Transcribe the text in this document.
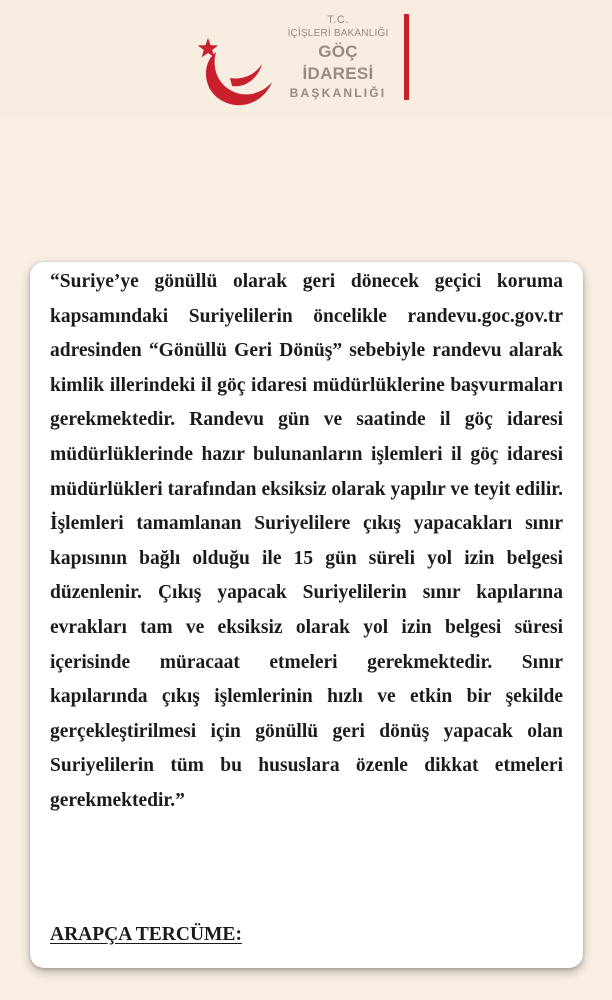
T.C.
İÇİŞLERİ BAKANLIĞI
GÖÇ İDARESİ
BAŞKANLIĞI

“Suriye’ye gönüllü olarak geri dönecek geçici koruma kapsamındaki Suriyelilerin öncelikle randevu.goc.gov.tr adresinden “Gönüllü Geri Dönüş” sebebiyle randevu alarak kimlik illerindeki il göç idaresi müdürlüklerine başvurmaları gerekmektedir. Randevu gün ve saatinde il göç idaresi müdürlüklerinde hazır bulunanların işlemleri il göç idaresi müdürlükleri tarafından eksiksiz olarak yapılır ve teyit edilir. İşlemleri tamamlanan Suriyelilere çıkış yapacakları sınır kapısının bağlı olduğu ile 15 gün süreli yol izin belgesi düzenlenir. Çıkış yapacak Suriyelilerin sınır kapılarına evrakları tam ve eksiksiz olarak yol izin belgesi süresi içerisinde müracaat etmeleri gerekmektedir. Sınır kapılarında çıkış işlemlerinin hızlı ve etkin bir şekilde gerçekleştirilmesi için gönüllü geri dönüş yapacak olan Suriyelilerin tüm bu hususlara özenle dikkat etmeleri gerekmektedir.”

ARAPÇA TERCÜME:
